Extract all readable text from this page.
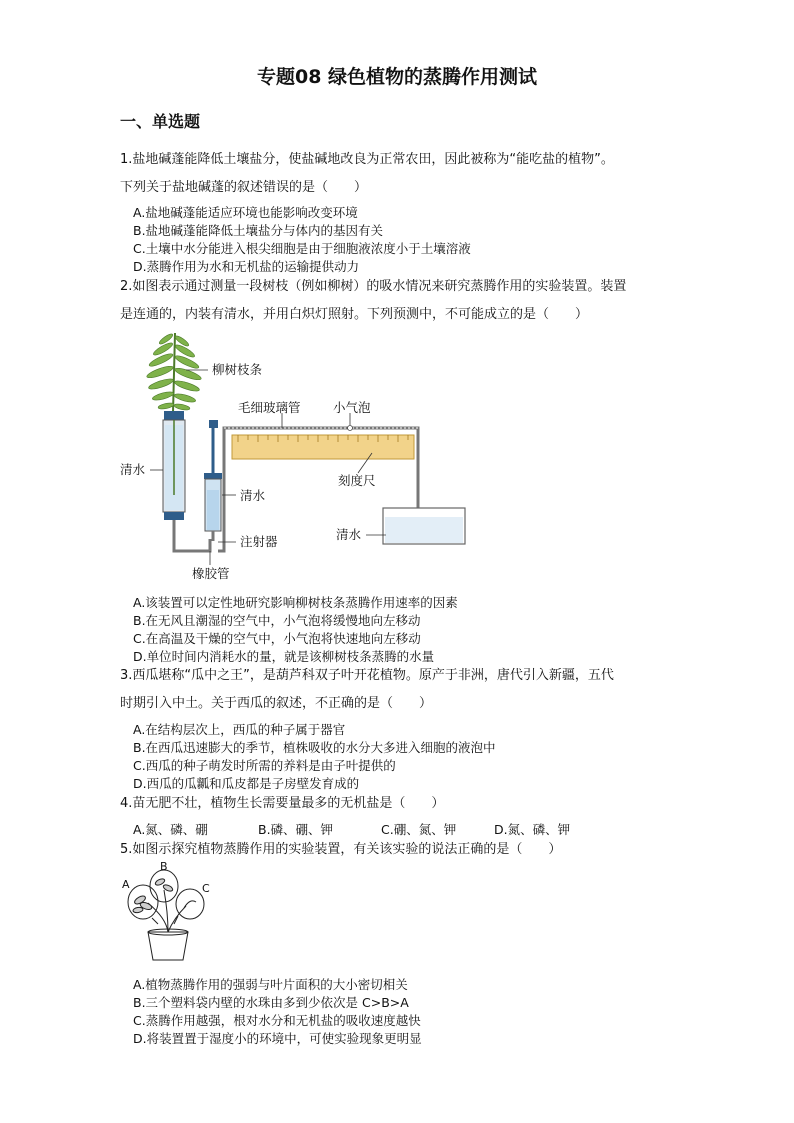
专题08 绿色植物的蒸腾作用测试
一、单选题
1.盐地碱蓬能降低土壤盐分，使盐碱地改良为正常农田，因此被称为“能吃盐的植物”。
下列关于盐地碱蓬的叙述错误的是（　　）
A.盐地碱蓬能适应环境也能影响改变环境
B.盐地碱蓬能降低土壤盐分与体内的基因有关
C.土壤中水分能进入根尖细胞是由于细胞液浓度小于土壤溶液
D.蒸腾作用为水和无机盐的运输提供动力
2.如图表示通过测量一段树枝（例如柳树）的吸水情况来研究蒸腾作用的实验装置。装置
是连通的，内装有清水，并用白炽灯照射。下列预测中，不可能成立的是（　　）
柳树枝条
毛细玻璃管	小气泡
清水
清水
刻度尺
清水
注射器
橡胶管
A.该装置可以定性地研究影响柳树枝条蒸腾作用速率的因素
B.在无风且潮湿的空气中，小气泡将缓慢地向左移动
C.在高温及干燥的空气中，小气泡将快速地向左移动
D.单位时间内消耗水的量，就是该柳树枝条蒸腾的水量
3.西瓜堪称“瓜中之王”，是葫芦科双子叶开花植物。原产于非洲，唐代引入新疆，五代
时期引入中土。关于西瓜的叙述，不正确的是（　　）
A.在结构层次上，西瓜的种子属于器官
B.在西瓜迅速膨大的季节，植株吸收的水分大多进入细胞的液泡中
C.西瓜的种子萌发时所需的养料是由子叶提供的
D.西瓜的瓜瓤和瓜皮都是子房壁发育成的
4.苗无肥不壮，植物生长需要量最多的无机盐是（　　）
A.氮、磷、硼	B.磷、硼、钾	C.硼、氮、钾	D.氮、磷、钾
5.如图示探究植物蒸腾作用的实验装置，有关该实验的说法正确的是（　　）
A
B
C
A.植物蒸腾作用的强弱与叶片面积的大小密切相关
B.三个塑料袋内壁的水珠由多到少依次是 C>B>A
C.蒸腾作用越强，根对水分和无机盐的吸收速度越快
D.将装置置于湿度小的环境中，可使实验现象更明显
